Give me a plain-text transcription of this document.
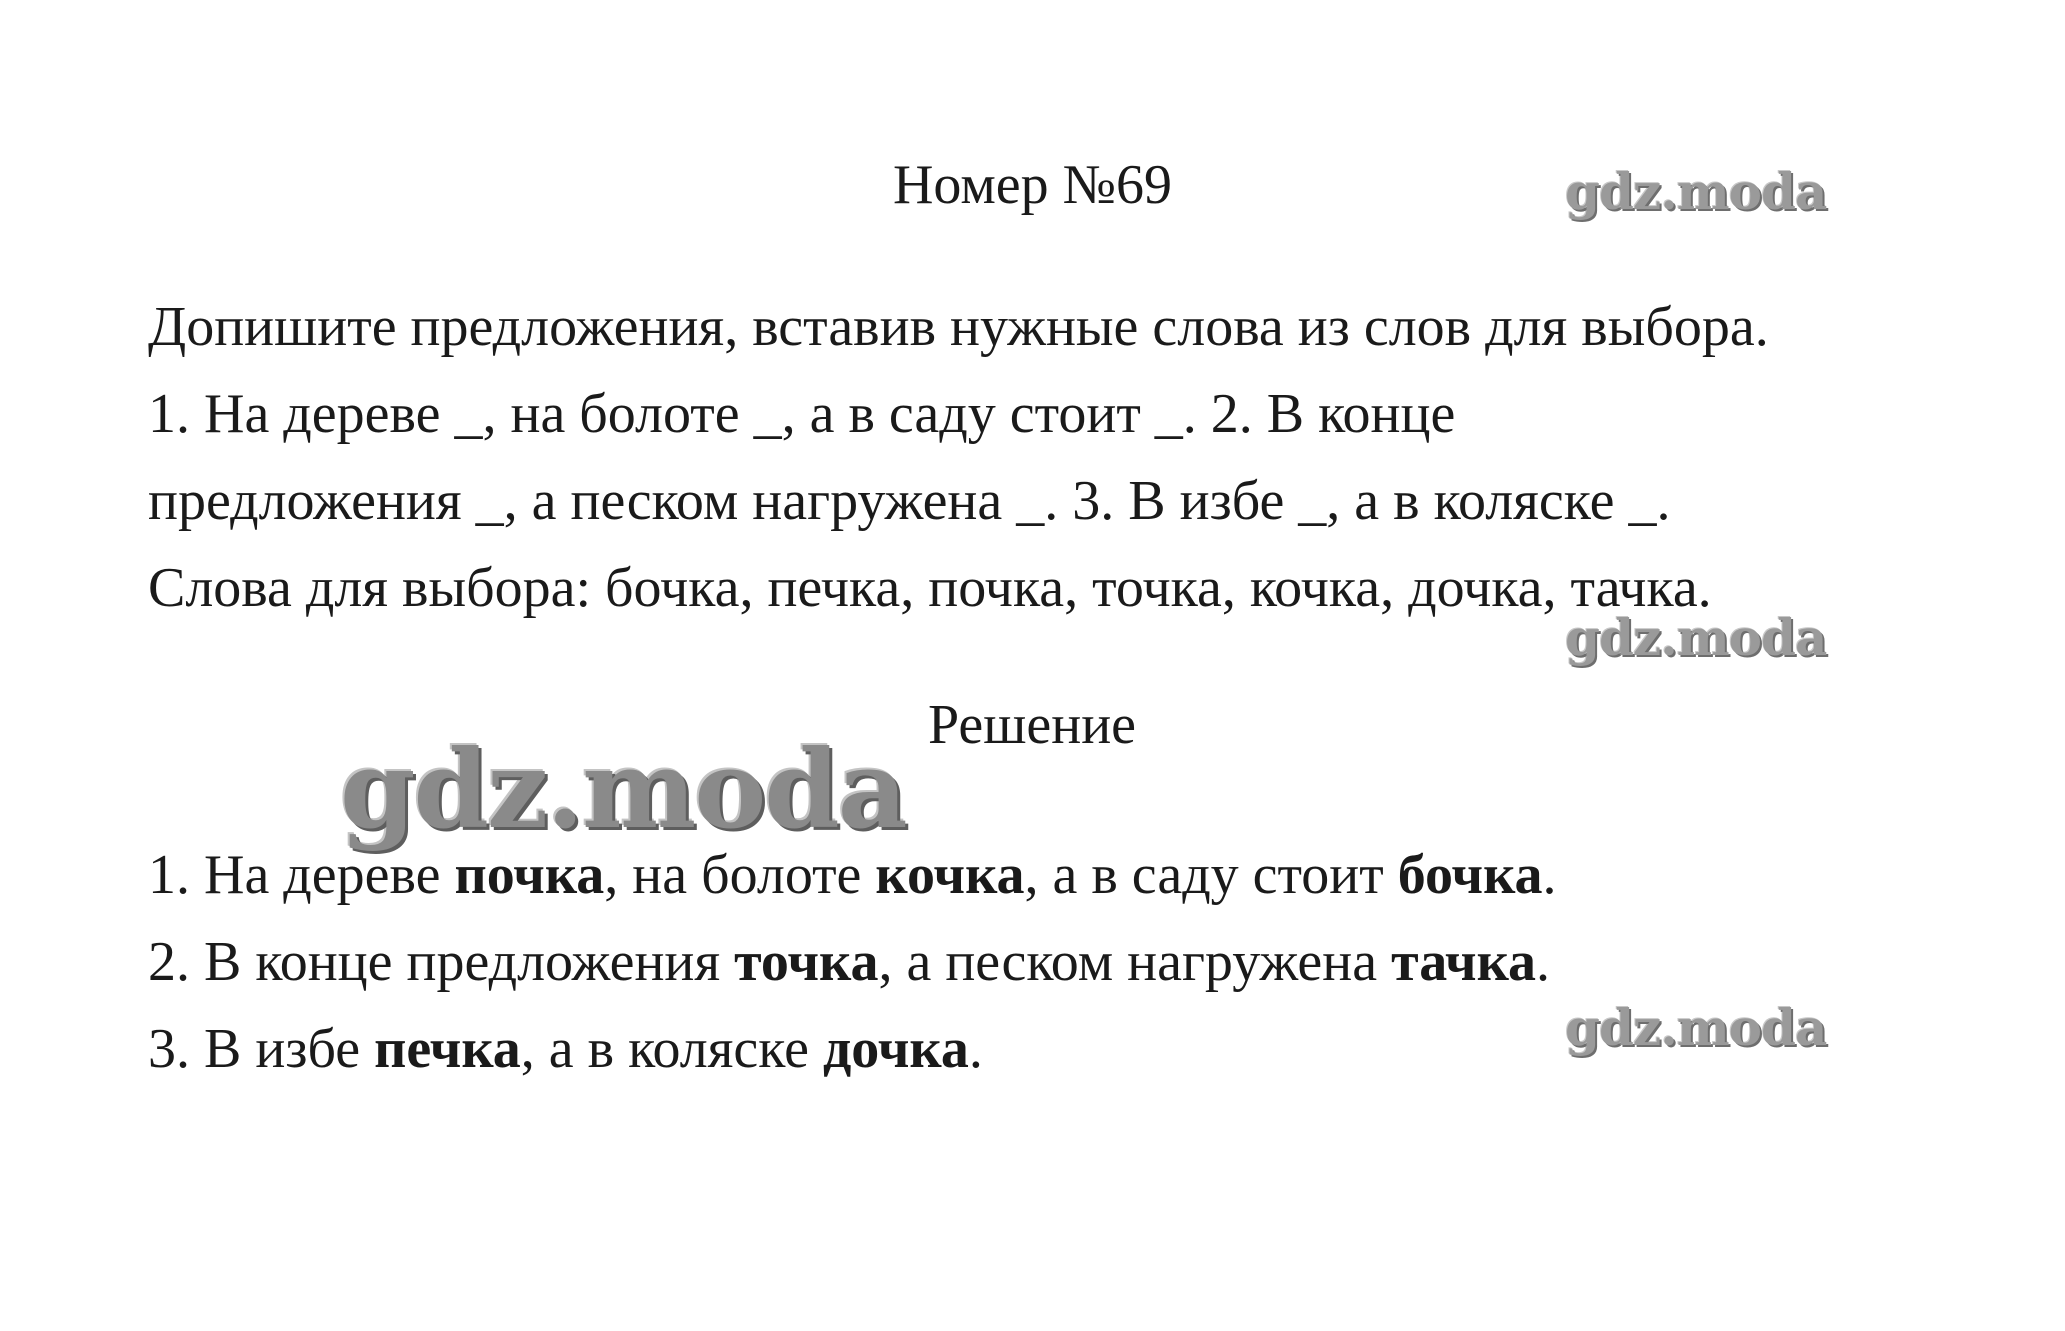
Номер №69	gdz.moda

Допишите предложения, вставив нужные слова из слов для выбора.

1. На дереве _, на болоте _, а в саду стоит _. 2. В конце

предложения _, а песком нагружена _. 3. В избе _, а в коляске _.

Слова для выбора: бочка, печка, почка, точка, кочка, дочка, тачка.

gdz.moda
gdz.moda
Решение

1. На дереве почка, на болоте кочка, а в саду стоит бочка.

2. В конце предложения точка, а песком нагружена тачка.

3. В избе печка, а в коляске дочка.	gdz.moda
